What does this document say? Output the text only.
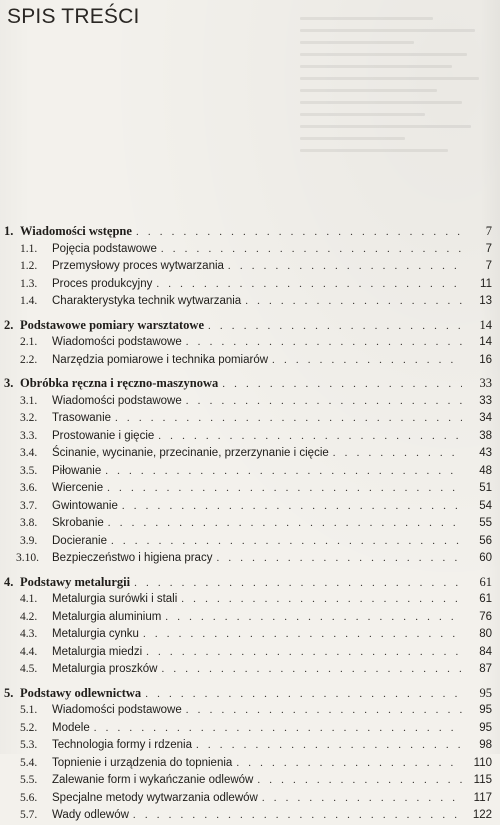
SPIS TREŚCI
1. Wiadomości wstępne . . .	7
1.1.	Pojęcia podstawowe . . .	7
1.2.	Przemysłowy proces wytwarzania . . .	7
1.3.	Proces produkcyjny . . .	11
1.4.	Charakterystyka technik wytwarzania . . .	13
2. Podstawowe pomiary warsztatowe . . .	14
2.1.	Wiadomości podstawowe . . .	14
2.2.	Narzędzia pomiarowe i technika pomiarów . . .	16
3. Obróbka ręczna i ręczno-maszynowa . . .	33
3.1.	Wiadomości podstawowe . . .	33
3.2.	Trasowanie . . .	34
3.3.	Prostowanie i gięcie . . .	38
3.4.	Ścinanie, wycinanie, przecinanie, przerzynanie i cięcie . . .	43
3.5.	Piłowanie . . .	48
3.6.	Wiercenie . . .	51
3.7.	Gwintowanie . . .	54
3.8.	Skrobanie . . .	55
3.9.	Docieranie . . .	56
3.10.	Bezpieczeństwo i higiena pracy . . .	60
4. Podstawy metalurgii . . .	61
4.1.	Metalurgia surówki i stali . . .	61
4.2.	Metalurgia aluminium . . .	76
4.3.	Metalurgia cynku . . .	80
4.4.	Metalurgia miedzi . . .	84
4.5.	Metalurgia proszków . . .	87
5. Podstawy odlewnictwa . . .	95
5.1.	Wiadomości podstawowe . . .	95
5.2.	Modele . . .	95
5.3.	Technologia formy i rdzenia . . .	98
5.4.	Topnienie i urządzenia do topnienia . . .	110
5.5.	Zalewanie form i wykańczanie odlewów . . .	115
5.6.	Specjalne metody wytwarzania odlewów . . .	117
5.7.	Wady odlewów . . .	122
